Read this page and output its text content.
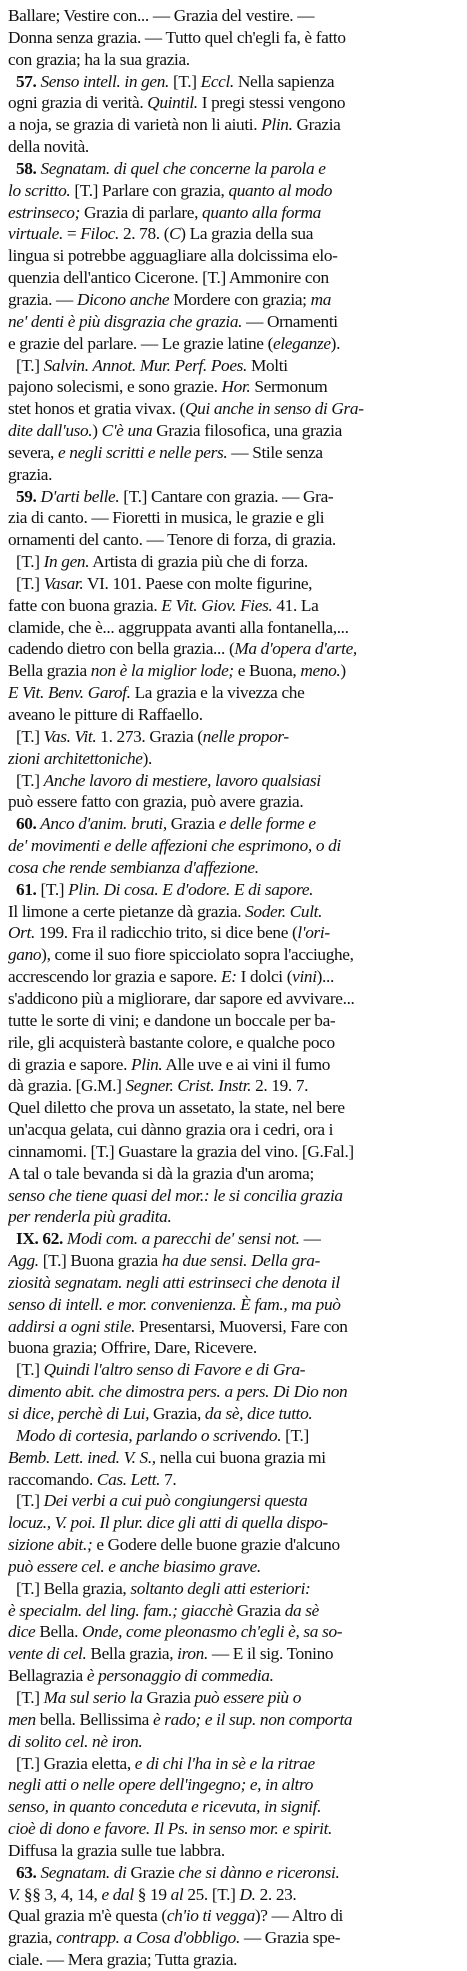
Ballare; Vestire con... — Grazia del vestire. —
Donna senza grazia. — Tutto quel ch'egli fa, è fatto
con grazia; ha la sua grazia.
57. Senso intell. in gen. [T.] Eccl. Nella sapienza
ogni grazia di verità. Quintil. I pregi stessi vengono
a noja, se grazia di varietà non li aiuti. Plin. Grazia
della novità.
58. Segnatam. di quel che concerne la parola e
lo scritto. [T.] Parlare con grazia, quanto al modo
estrinseco; Grazia di parlare, quanto alla forma
virtuale. = Filoc. 2. 78. (C) La grazia della sua
lingua si potrebbe agguagliare alla dolcissima elo-
quenzia dell'antico Cicerone. [T.] Ammonire con
grazia. — Dicono anche Mordere con grazia; ma
ne' denti è più disgrazia che grazia. — Ornamenti
e grazie del parlare. — Le grazie latine (eleganze).
[T.] Salvin. Annot. Mur. Perf. Poes. Molti
pajono solecismi, e sono grazie. Hor. Sermonum
stet honos et gratia vivax. (Qui anche in senso di Gra-
dite dall'uso.) C'è una Grazia filosofica, una grazia
severa, e negli scritti e nelle pers. — Stile senza
grazia.
59. D'arti belle. [T.] Cantare con grazia. — Gra-
zia di canto. — Fioretti in musica, le grazie e gli
ornamenti del canto. — Tenore di forza, di grazia.
[T.] In gen. Artista di grazia più che di forza.
[T.] Vasar. VI. 101. Paese con molte figurine,
fatte con buona grazia. E Vit. Giov. Fies. 41. La
clamide, che è... aggruppata avanti alla fontanella,...
cadendo dietro con bella grazia... (Ma d'opera d'arte,
Bella grazia non è la miglior lode; e Buona, meno.)
E Vit. Benv. Garof. La grazia e la vivezza che
aveano le pitture di Raffaello.
[T.] Vas. Vit. 1. 273. Grazia (nelle propor-
zioni architettoniche).
[T.] Anche lavoro di mestiere, lavoro qualsiasi
può essere fatto con grazia, può avere grazia.
60. Anco d'anim. bruti, Grazia e delle forme e
de' movimenti e delle affezioni che esprimono, o di
cosa che rende sembianza d'affezione.
61. [T.] Plin. Di cosa. E d'odore. E di sapore.
Il limone a certe pietanze dà grazia. Soder. Cult.
Ort. 199. Fra il radicchio trito, si dice bene (l'ori-
gano), come il suo fiore spicciolato sopra l'acciughe,
accrescendo lor grazia e sapore. E: I dolci (vini)...
s'addicono più a migliorare, dar sapore ed avvivare...
tutte le sorte di vini; e dandone un boccale per ba-
rile, gli acquisterà bastante colore, e qualche poco
di grazia e sapore. Plin. Alle uve e ai vini il fumo
dà grazia. [G.M.] Segner. Crist. Instr. 2. 19. 7.
Quel diletto che prova un assetato, la state, nel bere
un'acqua gelata, cui dànno grazia ora i cedri, ora i
cinnamomi. [T.] Guastare la grazia del vino. [G.Fal.]
A tal o tale bevanda si dà la grazia d'un aroma;
senso che tiene quasi del mor.: le si concilia grazia
per renderla più gradita.
IX. 62. Modi com. a parecchi de' sensi not. —
Agg. [T.] Buona grazia ha due sensi. Della gra-
ziosità segnatam. negli atti estrinseci che denota il
senso di intell. e mor. convenienza. È fam., ma può
addirsi a ogni stile. Presentarsi, Muoversi, Fare con
buona grazia; Offrire, Dare, Ricevere.
[T.] Quindi l'altro senso di Favore e di Gra-
dimento abit. che dimostra pers. a pers. Di Dio non
si dice, perchè di Lui, Grazia, da sè, dice tutto.
Modo di cortesia, parlando o scrivendo. [T.]
Bemb. Lett. ined. V. S., nella cui buona grazia mi
raccomando. Cas. Lett. 7.
[T.] Dei verbi a cui può congiungersi questa
locuz., V. poi. Il plur. dice gli atti di quella dispo-
sizione abit.; e Godere delle buone grazie d'alcuno
può essere cel. e anche biasimo grave.
[T.] Bella grazia, soltanto degli atti esteriori:
è specialm. del ling. fam.; giacchè Grazia da sè
dice Bella. Onde, come pleonasmo ch'egli è, sa so-
vente di cel. Bella grazia, iron. — E il sig. Tonino
Bellagrazia è personaggio di commedia.
[T.] Ma sul serio la Grazia può essere più o
men bella. Bellissima è rado; e il sup. non comporta
di solito cel. nè iron.
[T.] Grazia eletta, e di chi l'ha in sè e la ritrae
negli atti o nelle opere dell'ingegno; e, in altro
senso, in quanto conceduta e ricevuta, in signif.
cioè di dono e favore. Il Ps. in senso mor. e spirit.
Diffusa la grazia sulle tue labbra.
63. Segnatam. di Grazie che si dànno e riceronsi.
V. §§ 3, 4, 14, e dal § 19 al 25. [T.] D. 2. 23.
Qual grazia m'è questa (ch'io ti vegga)? — Altro di
grazia, contrapp. a Cosa d'obbligo. — Grazia spe-
ciale. — Mera grazia; Tutta grazia.
